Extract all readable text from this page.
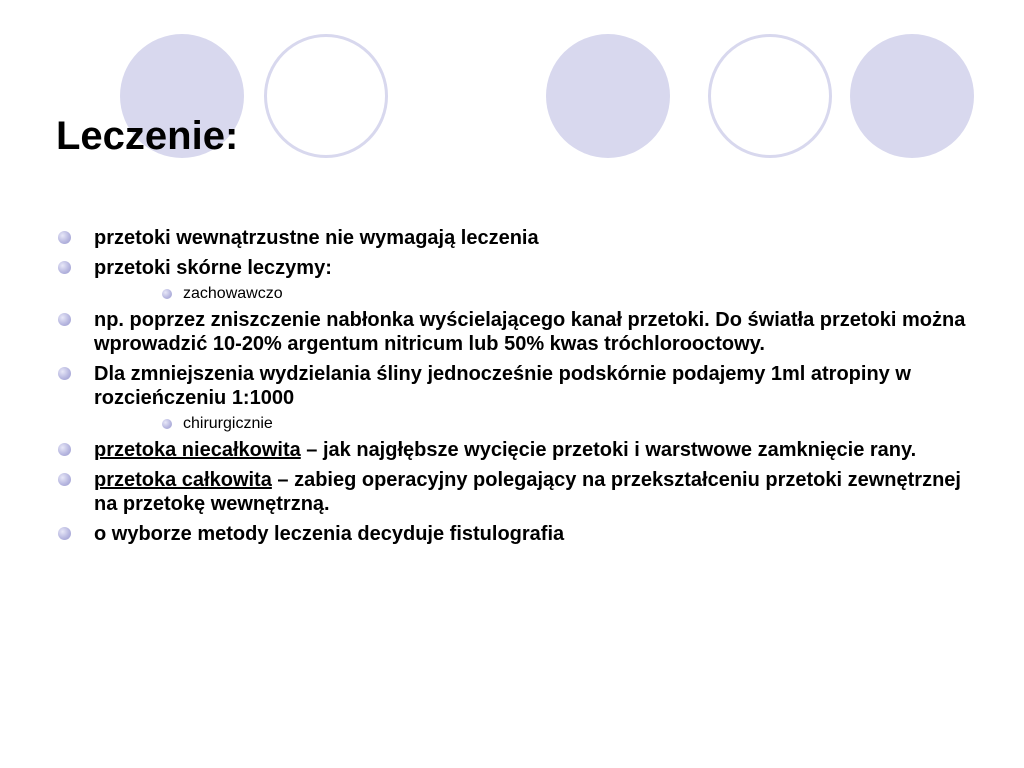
Leczenie:
przetoki wewnątrzustne nie wymagają leczenia
przetoki skórne leczymy:
zachowawczo
np. poprzez zniszczenie nabłonka wyścielającego kanał przetoki. Do światła przetoki można wprowadzić 10-20% argentum nitricum lub 50% kwas tróchlorooctowy.
Dla zmniejszenia wydzielania śliny jednocześnie podskórnie podajemy 1ml atropiny w rozcieńczeniu 1:1000
chirurgicznie
przetoka niecałkowita – jak najgłębsze wycięcie przetoki i warstwowe zamknięcie rany.
przetoka całkowita – zabieg operacyjny polegający na przekształceniu przetoki zewnętrznej na przetokę wewnętrzną.
o wyborze metody leczenia decyduje fistulografia
